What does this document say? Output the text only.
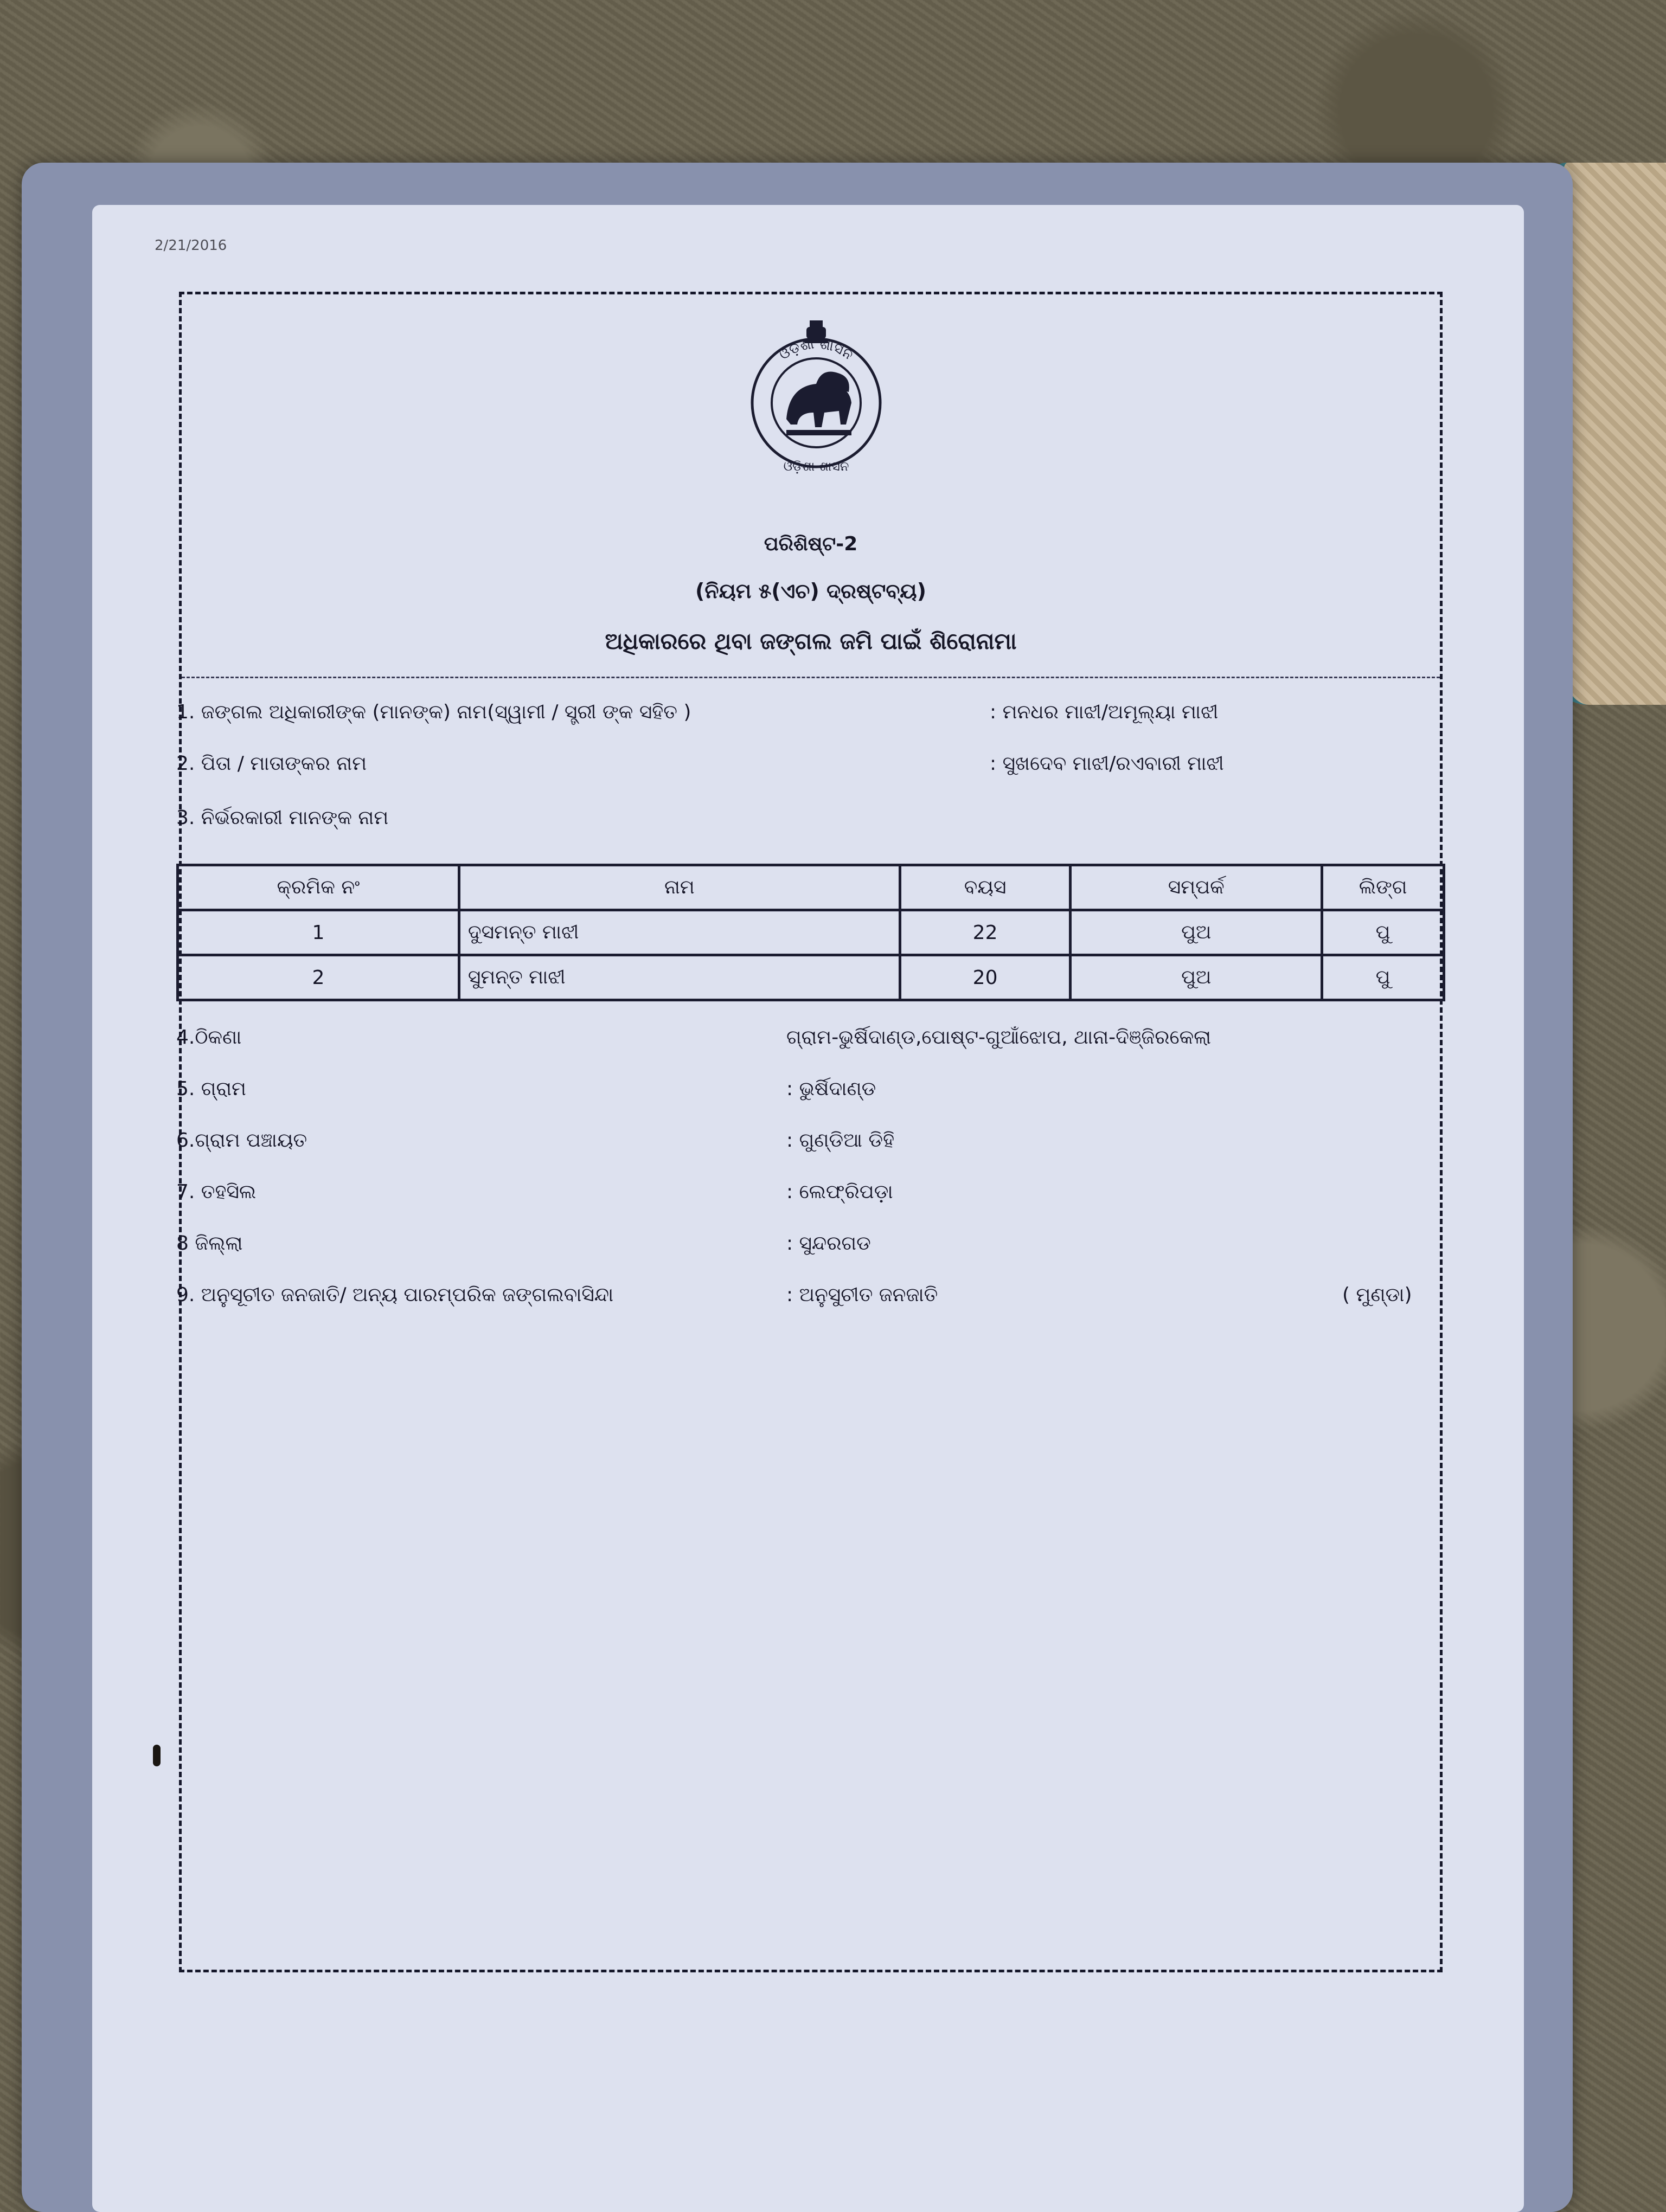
2/21/2016
ଓଡ଼ିଶା ଶାସନ
ଓଡ଼ିଶା ଶାସନ
ପରିଶିଷ୍ଟ-2
(ନିୟମ ୫(ଏଚ) ଦ୍ରଷ୍ଟବ୍ୟ)
ଅଧିକାରରେ ଥିବା ଜଙ୍ଗଲ ଜମି ପାଇଁ ଶିରୋନାମା
1. ଜଙ୍ଗଲ ଅଧିକାରୀଙ୍କ (ମାନଙ୍କ) ନାମ(ସ୍ୱାମୀ / ସ୍ତ୍ରୀ ଙ୍କ ସହିତ )	: ମନଧର ମାଝୀ/ଅମୂଲ୍ୟା ମାଝୀ
2. ପିତା / ମାତାଙ୍କର ନାମ	: ସୁଖଦେବ ମାଝୀ/ରଏବାରୀ ମାଝୀ
3. ନିର୍ଭରକାରୀ ମାନଙ୍କ ନାମ
କ୍ରମିକ ନଂ	ନାମ	ବୟସ	ସମ୍ପର୍କ	ଲିଙ୍ଗ
1	ଦୁସମନ୍ତ ମାଝୀ	22	ପୁଅ	ପୁ
2	ସୁମନ୍ତ ମାଝୀ	20	ପୁଅ	ପୁ
4.ଠିକଣା	ଗ୍ରାମ-ଭୁର୍ଷିଦାଣ୍ଡ,ପୋଷ୍ଟ-ଗୁଆଁଝୋପ, ଥାନା-ଦିଞ୍ଜିରକେଲା
5. ଗ୍ରାମ	: ଭୁର୍ଷିଦାଣ୍ଡ
6.ଗ୍ରାମ ପଞ୍ଚାୟତ	: ଗୁଣ୍ଡିଆ ଡିହି
7. ତହସିଲ	: ଲେଫ୍ରିପଡ଼ା
8 ଜିଲ୍ଲା	: ସୁନ୍ଦରଗଡ
9. ଅନୁସୂଚୀତ ଜନଜାତି/ ଅନ୍ୟ ପାରମ୍ପରିକ ଜଙ୍ଗଲବାସିନ୍ଦା	: ଅନୁସୁଚୀତ ଜନଜାତି	( ମୁଣ୍ଡା)
